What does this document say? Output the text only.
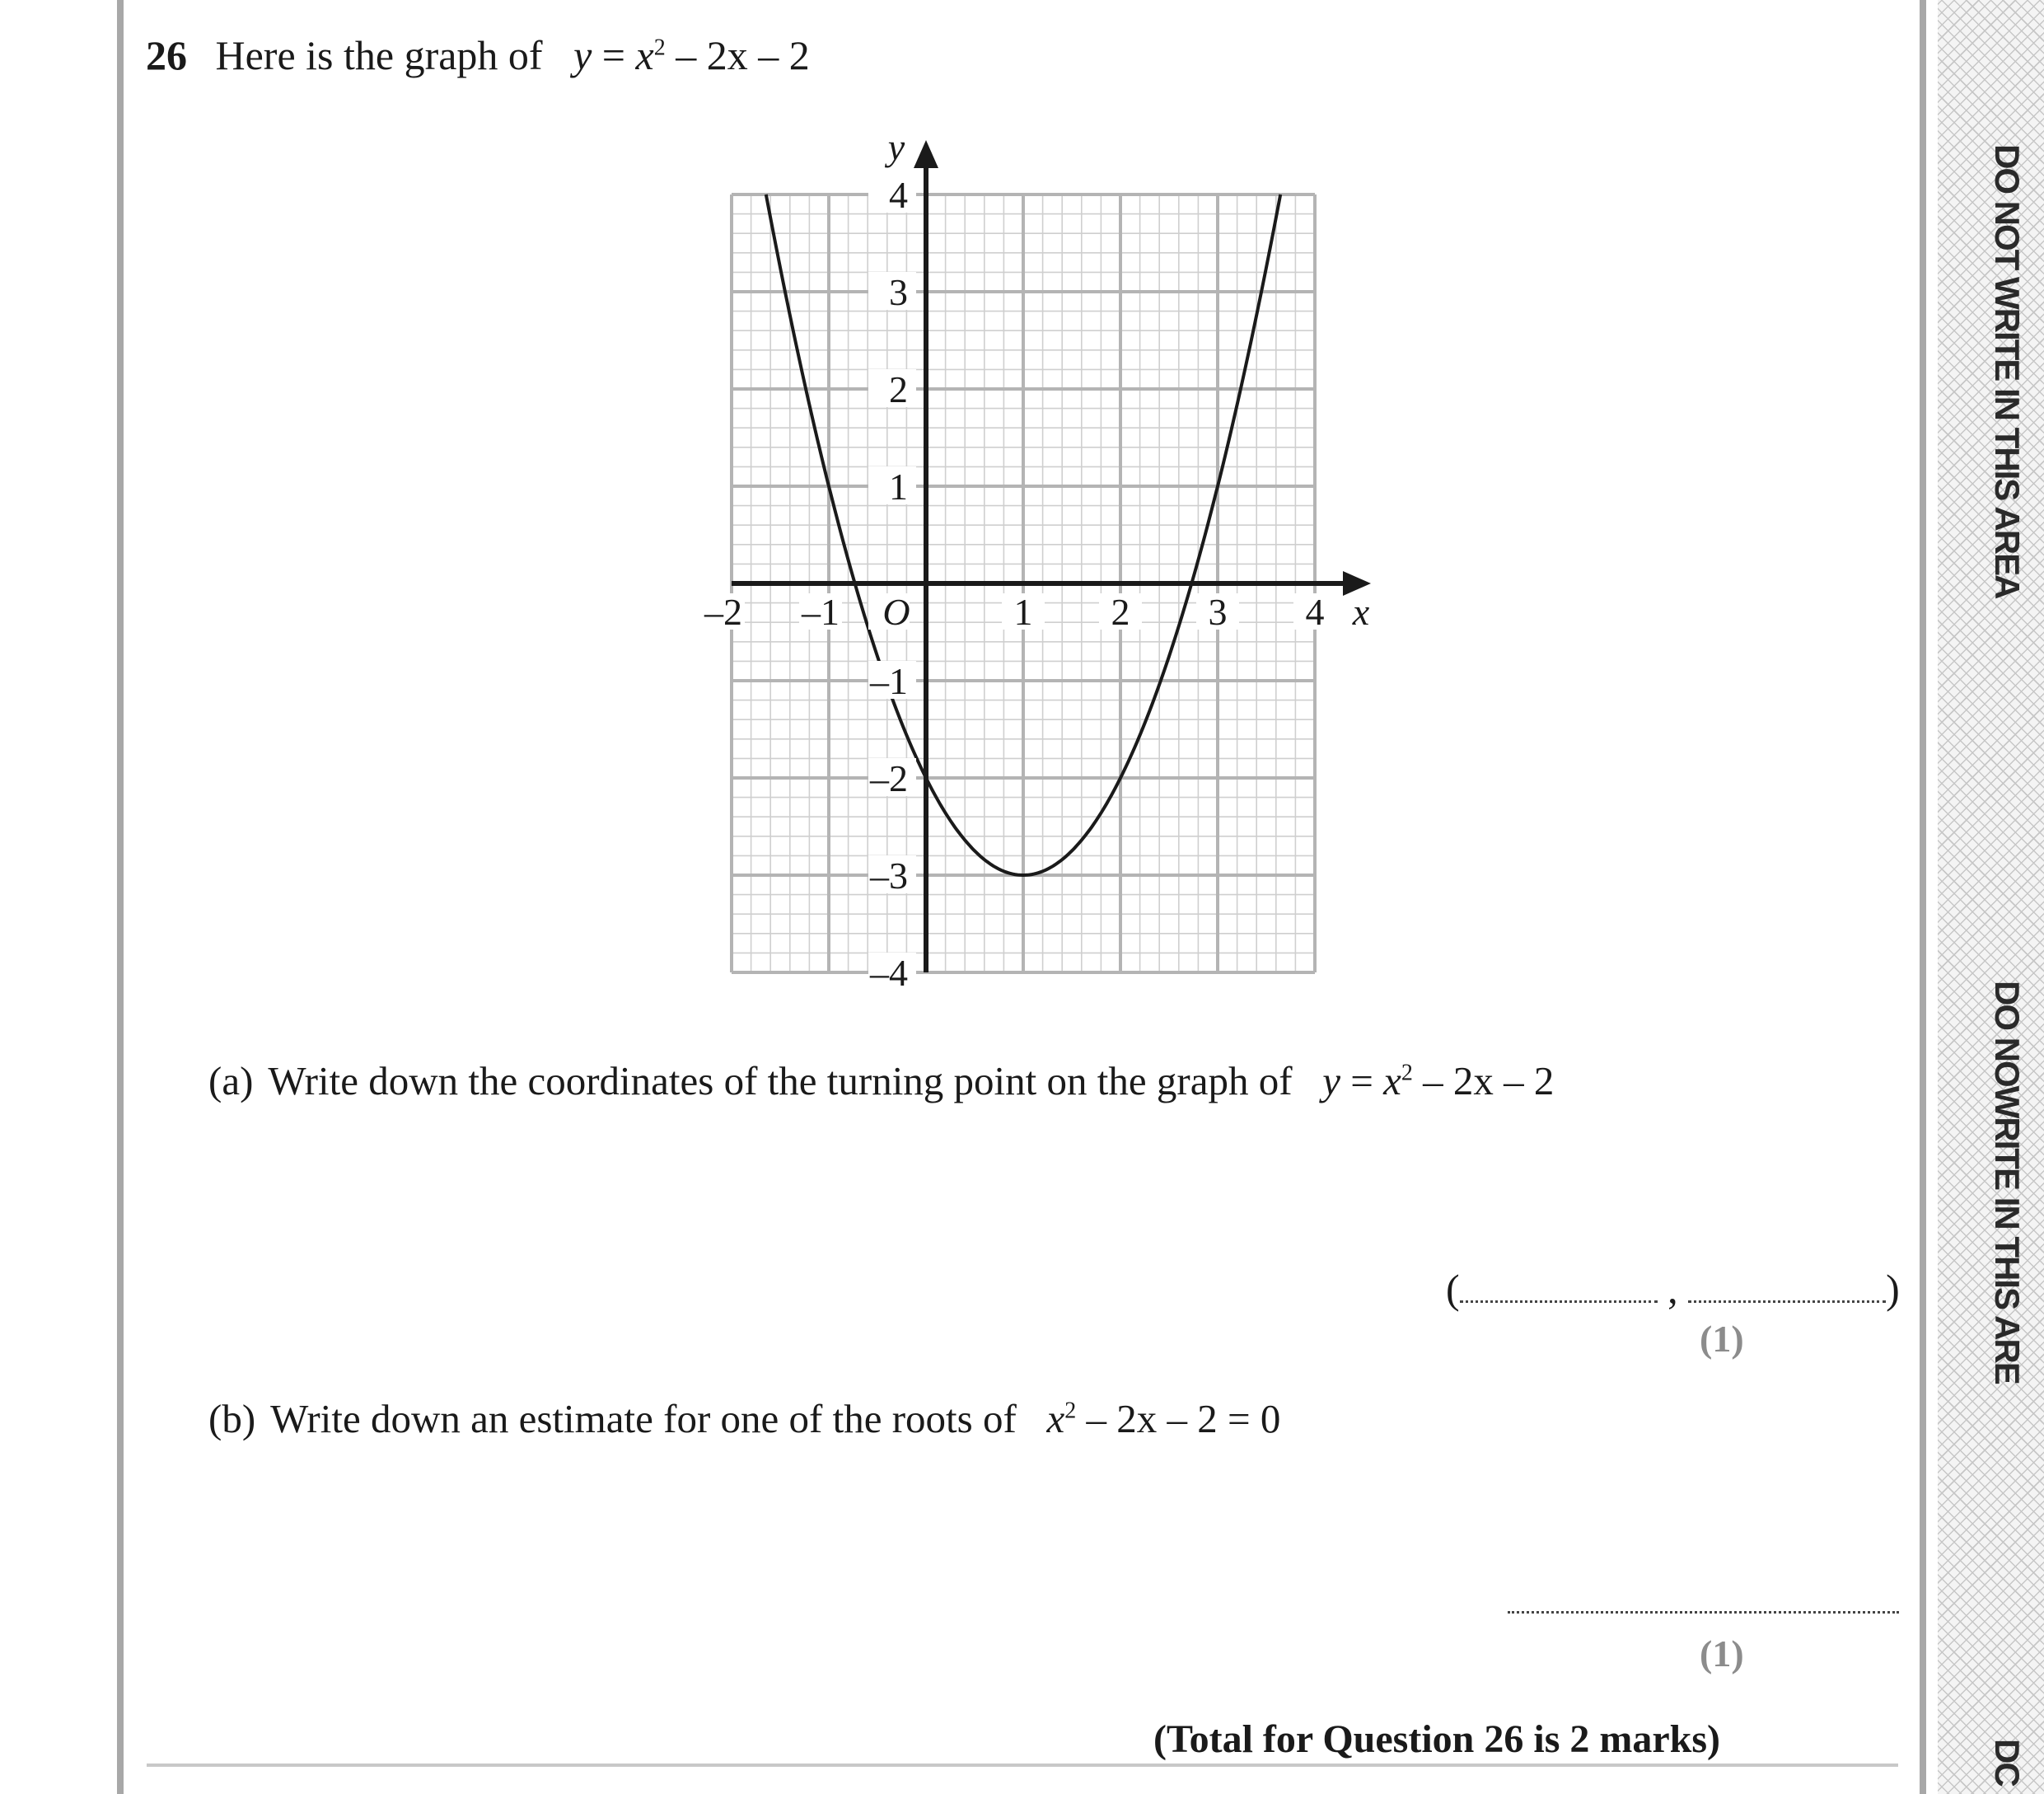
DO NOT WRITE IN THIS AREA
DO NOWRITE IN THIS ARE
DC
26 Here is the graph of $y = x^2 - 2x - 2$
–2 –1	1 2 3 4
4
3
2
1
–1
–2
–3
–4
O	x
y
(a) Write down the coordinates of the turning point on the graph of $y = x^2 - 2x - 2$
(	,	)
(1)
(b) Write down an estimate for one of the roots of $x^2 - 2x - 2 = 0$
(1)
(Total for Question 26 is 2 marks)
